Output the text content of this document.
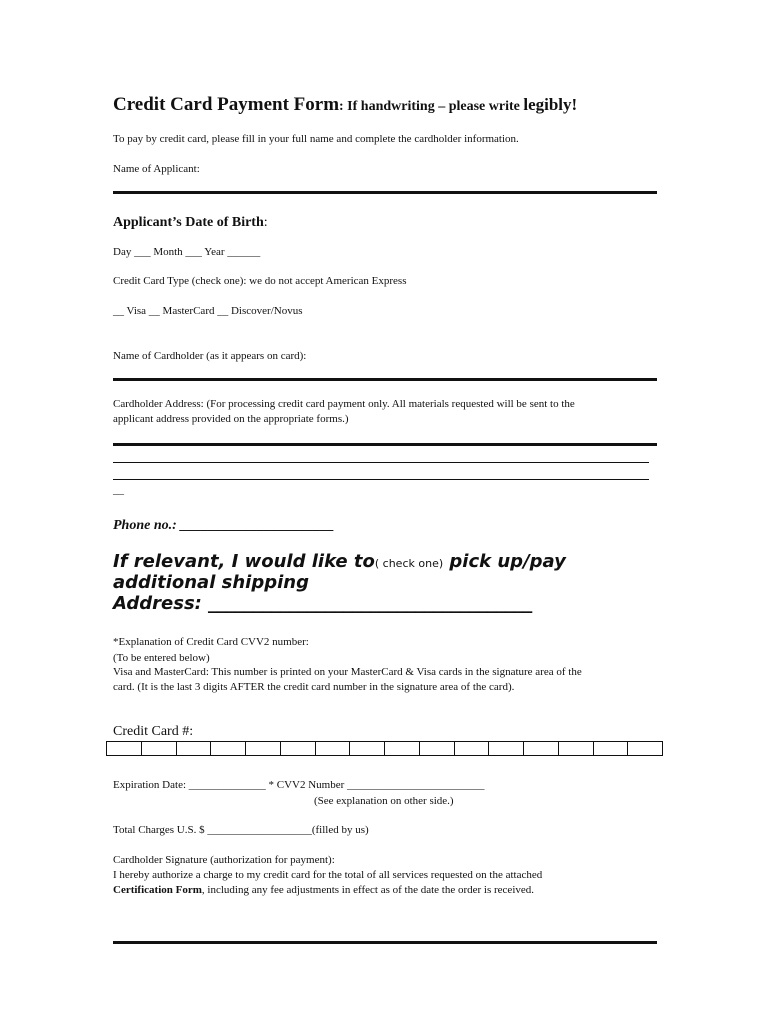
Credit Card Payment Form: If handwriting – please write legibly!
To pay by credit card, please fill in your full name and complete the cardholder information.
Name of Applicant:
Applicant’s Date of Birth:
Day ___ Month ___ Year ______
Credit Card Type (check one): we do not accept American Express
__ Visa __ MasterCard __ Discover/Novus
Name of Cardholder (as it appears on card):
Cardholder Address: (For processing credit card payment only. All materials requested will be sent to the
applicant address provided on the appropriate forms.)
__
Phone no.: ______________________
If relevant, I would like to( check one) pick up/pay
additional shipping
Address: ____________________________________
*Explanation of Credit Card CVV2 number:
(To be entered below)
Visa and MasterCard: This number is printed on your MasterCard & Visa cards in the signature area of the
card. (It is the last 3 digits AFTER the credit card number in the signature area of the card).
Credit Card #:
Expiration Date: ______________ * CVV2 Number _________________________
(See explanation on other side.)
Total Charges U.S. $ ___________________(filled by us)
Cardholder Signature (authorization for payment):
I hereby authorize a charge to my credit card for the total of all services requested on the attached
Certification Form, including any fee adjustments in effect as of the date the order is received.
